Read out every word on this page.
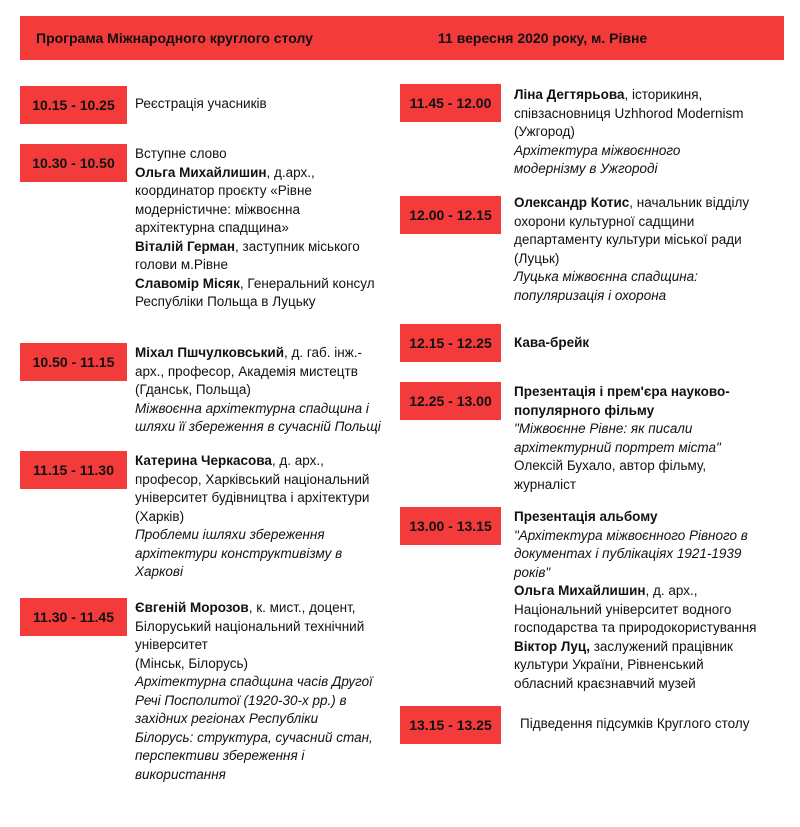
Програма Міжнародного круглого столу	11 вересня 2020 року, м. Рівне
10.15 - 10.25	Реєстрація учасників
10.30 - 10.50
Вступне слово
Ольга Михайлишин, д.арх.,
координатор проєкту «Рівне
модерністичне: міжвоєнна
архітектурна спадщина»
Віталій Герман, заступник міського
голови м.Рівне
Славомір Місяк, Генеральний консул
Республіки Польща в Луцьку
10.50 - 11.15
Міхал Пшчулковський, д. габ. інж.-
арх., професор, Академія мистецтв
(Гданськ, Польща)
Міжвоєнна архітектурна спадщина і
шляхи її збереження в сучасній Польщі
11.15 - 11.30
Катерина Черкасова, д. арх.,
професор, Харківський національний
університет будівництва і архітектури
(Харків)
Проблеми ішляхи збереження
архітектури конструктивізму в
Харкові
11.30 - 11.45
Євгеній Морозов, к. мист., доцент,
Білоруський національний технічний
університет
(Мінськ, Білорусь)
Архітектурна спадщина часів Другої
Речі Посполитої (1920-30-х рр.) в
західних регіонах Республіки
Білорусь: структура, сучасний стан,
перспективи збереження і
використання
11.45 - 12.00
Ліна Дегтярьова, історикиня,
співзасновниця Uzhhorod Modernism
(Ужгород)
Архітектура міжвоєнного
модернізму в Ужгороді
12.00 - 12.15
Олександр Котис, начальник відділу
охорони культурної садщини
департаменту культури міської ради
(Луцьк)
Луцька міжвоєнна спадщина:
популяризація і охорона
12.15 - 12.25	Кава-брейк
12.25 - 13.00
Презентація і прем'єра науково-
популярного фільму
"Міжвоєнне Рівне: як писали
архітектурний портрет міста"
Олексій Бухало, автор фільму,
журналіст
13.00 - 13.15
Презентація альбому
"Архітектура міжвоєнного Рівного в
документах і публікаціях 1921-1939
років"
Ольга Михайлишин, д. арх.,
Національний університет водного
господарства та природокористування
Віктор Луц, заслужений працівник
культури України, Рівненський
обласний краєзнавчий музей
13.15 - 13.25	Підведення підсумків Круглого столу
